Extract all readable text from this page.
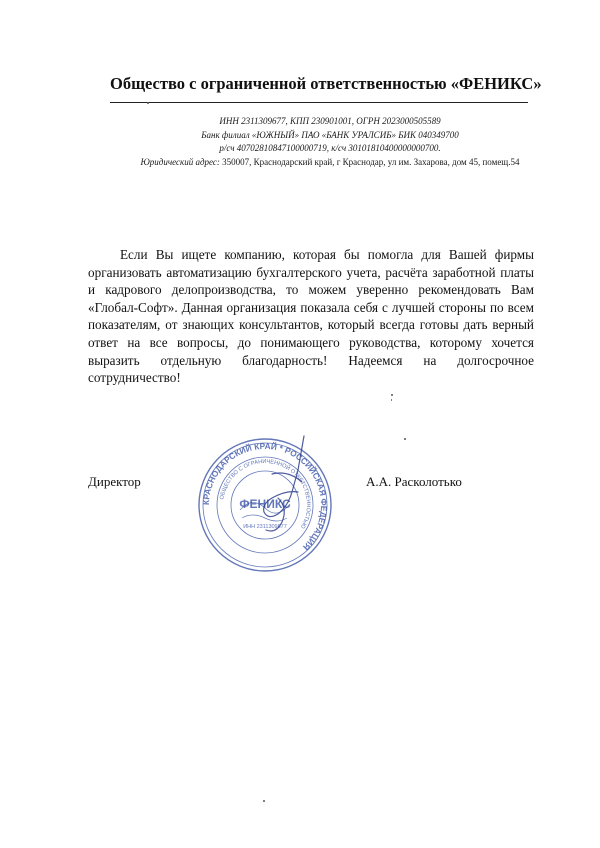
Общество с ограниченной ответственностью «ФЕНИКС»
ИНН 2311309677, КПП 230901001, ОГРН 2023000505589
Банк филиал «ЮЖНЫЙ» ПАО «БАНК УРАЛСИБ» БИК 040349700
р/сч 40702810847100000719, к/сч 30101810400000000700.
Юридический адрес: 350007, Краснодарский край, г Краснодар, ул им. Захарова, дом 45, помещ.54
Если Вы ищете компанию, которая бы помогла для Вашей фирмы организовать автоматизацию бухгалтерского учета, расчёта заработной платы и кадрового делопроизводства, то можем уверенно рекомендовать Вам «Глобал-Софт». Данная организация показала себя с лучшей стороны по всем показателям, от знающих консультантов, который всегда готовы дать верный ответ на все вопросы, до понимающего руководства, которому хочется выразить отдельную благодарность! Надеемся на долгосрочное сотрудничество!
Директор	А.А. Расколотько
КРАСНОДАРСКИЙ КРАЙ * РОССИЙСКАЯ ФЕДЕРАЦИЯ
ОБЩЕСТВО С ОГРАНИЧЕННОЙ ОТВЕТСТВЕННОСТЬЮ
ФЕНИКС
ИНН 2311309677
